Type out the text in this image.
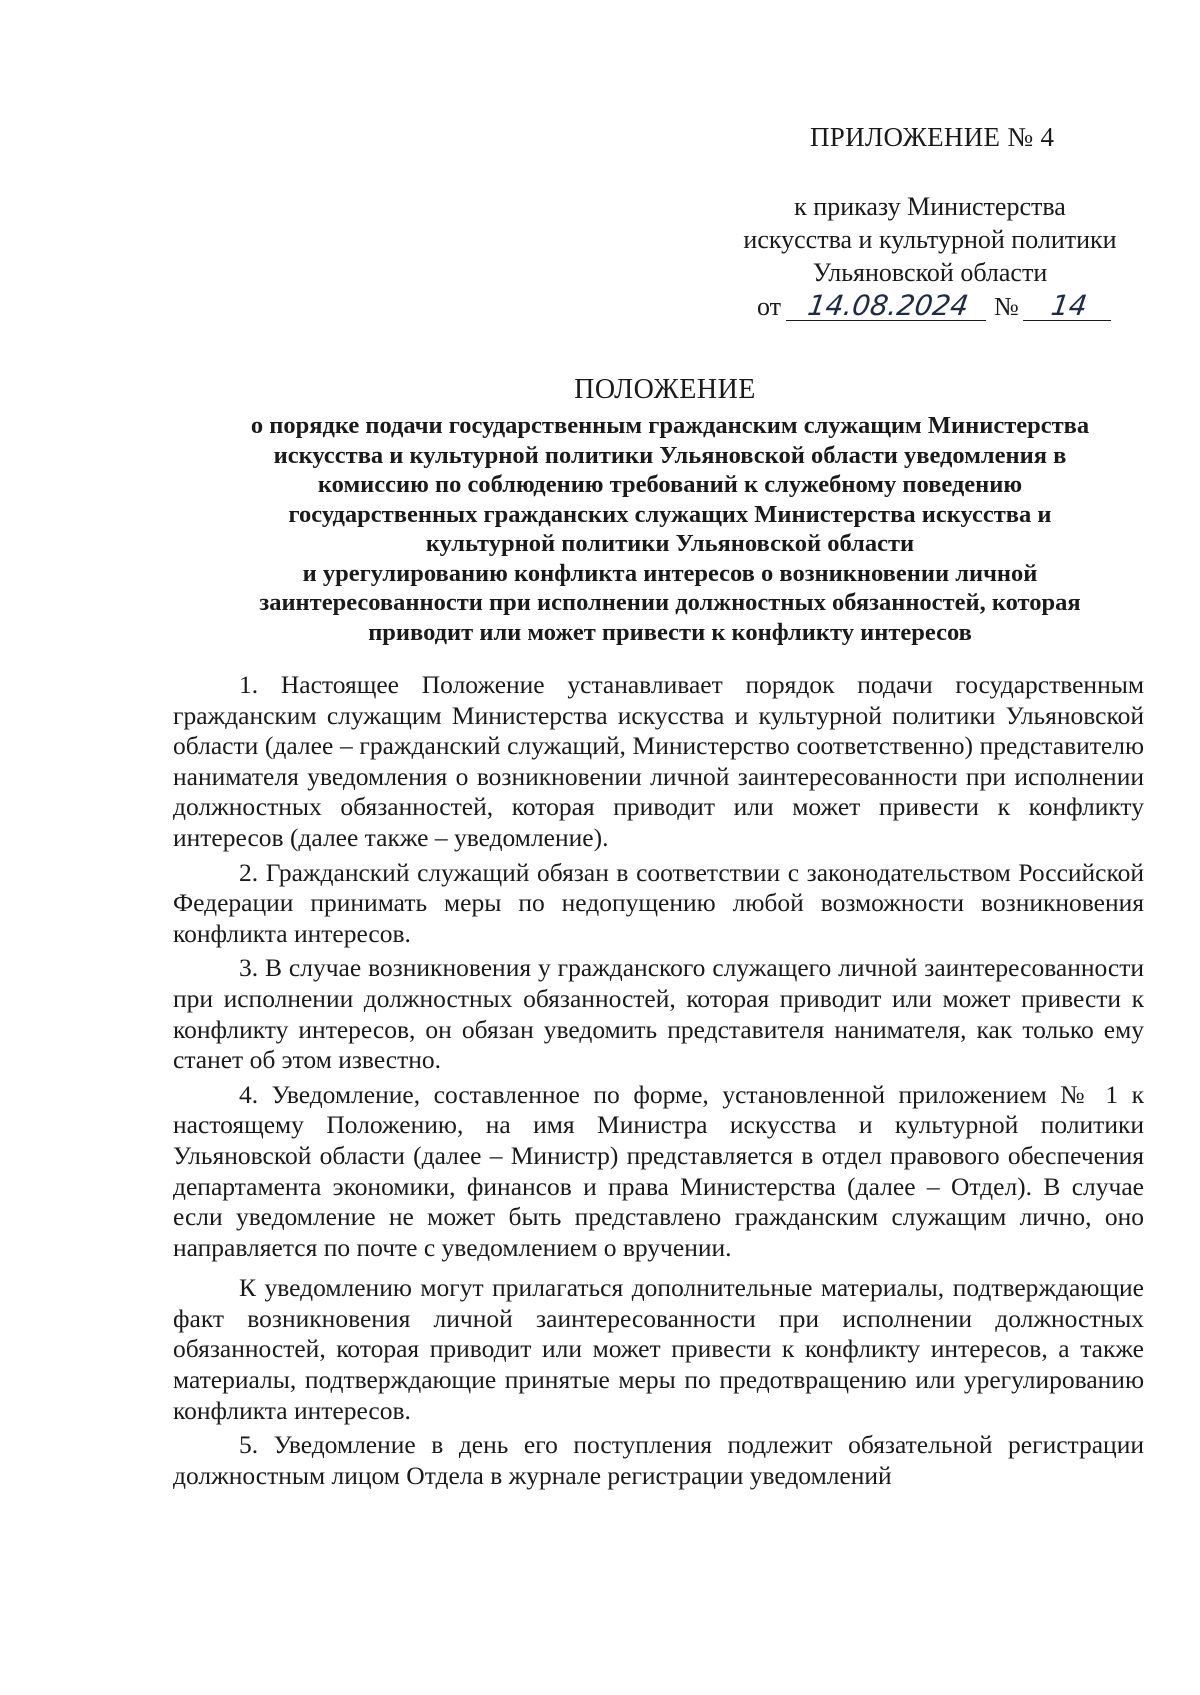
ПРИЛОЖЕНИЕ № 4
к приказу Министерства
искусства и культурной политики
Ульяновской области
от 14.08.2024 № 14
ПОЛОЖЕНИЕ
о порядке подачи государственным гражданским служащим Министерства
искусства и культурной политики Ульяновской области уведомления в
комиссию по соблюдению требований к служебному поведению
государственных гражданских служащих Министерства искусства и
культурной политики Ульяновской области
и урегулированию конфликта интересов о возникновении личной
заинтересованности при исполнении должностных обязанностей, которая
приводит или может привести к конфликту интересов

1. Настоящее Положение устанавливает порядок подачи государственным гражданским служащим Министерства искусства и культурной политики Ульяновской области (далее – гражданский служащий, Министерство соответственно) представителю нанимателя уведомления о возникновении личной заинтересованности при исполнении должностных обязанностей, которая приводит или может привести к конфликту интересов (далее также – уведомление).

2. Гражданский служащий обязан в соответствии с законодательством Российской Федерации принимать меры по недопущению любой возможности возникновения конфликта интересов.

3. В случае возникновения у гражданского служащего личной заинтересованности при исполнении должностных обязанностей, которая приводит или может привести к конфликту интересов, он обязан уведомить представителя нанимателя, как только ему станет об этом известно.

4. Уведомление, составленное по форме, установленной приложением № 1 к настоящему Положению, на имя Министра искусства и культурной политики Ульяновской области (далее – Министр) представляется в отдел правового обеспечения департамента экономики, финансов и права Министерства (далее – Отдел). В случае если уведомление не может быть представлено гражданским служащим лично, оно направляется по почте с уведомлением о вручении.

К уведомлению могут прилагаться дополнительные материалы, подтверждающие факт возникновения личной заинтересованности при исполнении должностных обязанностей, которая приводит или может привести к конфликту интересов, а также материалы, подтверждающие принятые меры по предотвращению или урегулированию конфликта интересов.

5. Уведомление в день его поступления подлежит обязательной регистрации должностным лицом Отдела в журнале регистрации уведомлений
